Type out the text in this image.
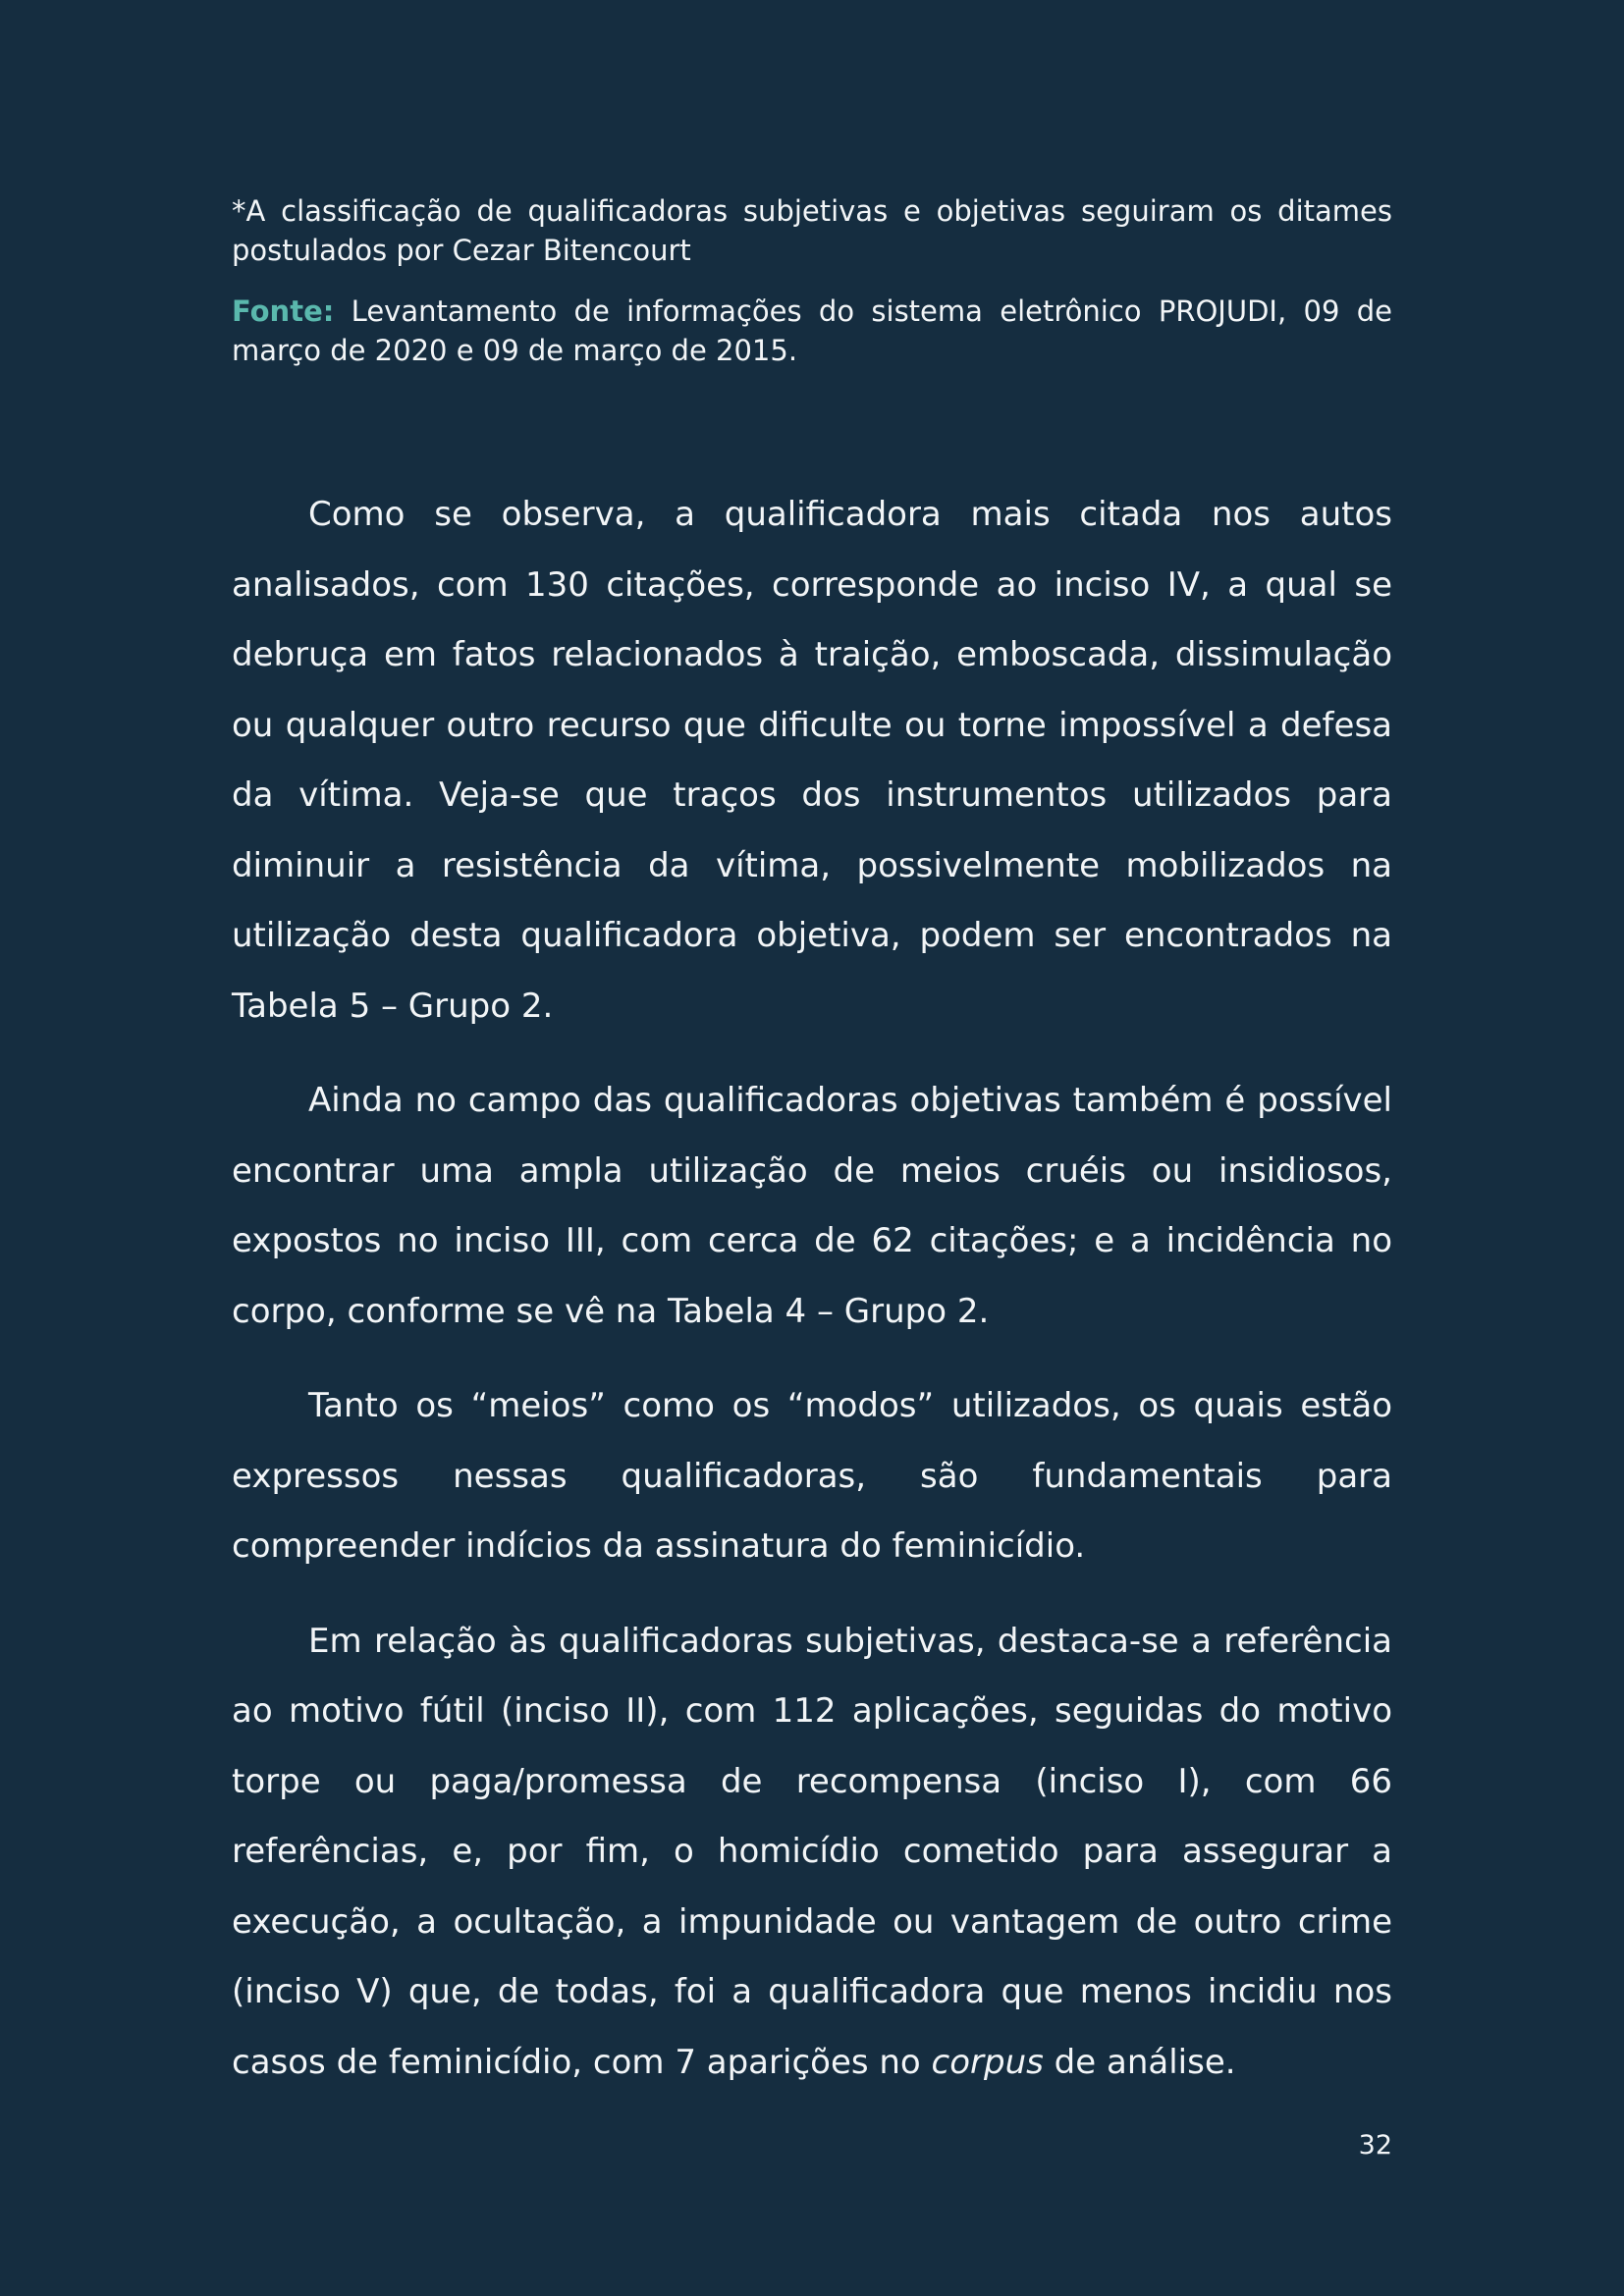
*A classificação de qualificadoras subjetivas e objetivas seguiram os ditames postulados por Cezar Bitencourt

Fonte: Levantamento de informações do sistema eletrônico PROJUDI, 09 de março de 2020 e 09 de março de 2015.

Como se observa, a qualificadora mais citada nos autos analisados, com 130 citações, corresponde ao inciso IV, a qual se debruça em fatos relacionados à traição, emboscada, dissimulação ou qualquer outro recurso que dificulte ou torne impossível a defesa da vítima. Veja-se que traços dos instrumentos utilizados para diminuir a resistência da vítima, possivelmente mobilizados na utilização desta qualificadora objetiva, podem ser encontrados na Tabela 5 – Grupo 2.

Ainda no campo das qualificadoras objetivas também é possível encontrar uma ampla utilização de meios cruéis ou insidiosos, expostos no inciso III, com cerca de 62 citações; e a incidência no corpo, conforme se vê na Tabela 4 – Grupo 2.

Tanto os “meios” como os “modos” utilizados, os quais estão expressos nessas qualificadoras, são fundamentais para compreender indícios da assinatura do feminicídio.

Em relação às qualificadoras subjetivas, destaca-se a referência ao motivo fútil (inciso II), com 112 aplicações, seguidas do motivo torpe ou paga/promessa de recompensa (inciso I), com 66 referências, e, por fim, o homicídio cometido para assegurar a execução, a ocultação, a impunidade ou vantagem de outro crime (inciso V) que, de todas, foi a qualificadora que menos incidiu nos casos de feminicídio, com 7 aparições no corpus de análise.

32
